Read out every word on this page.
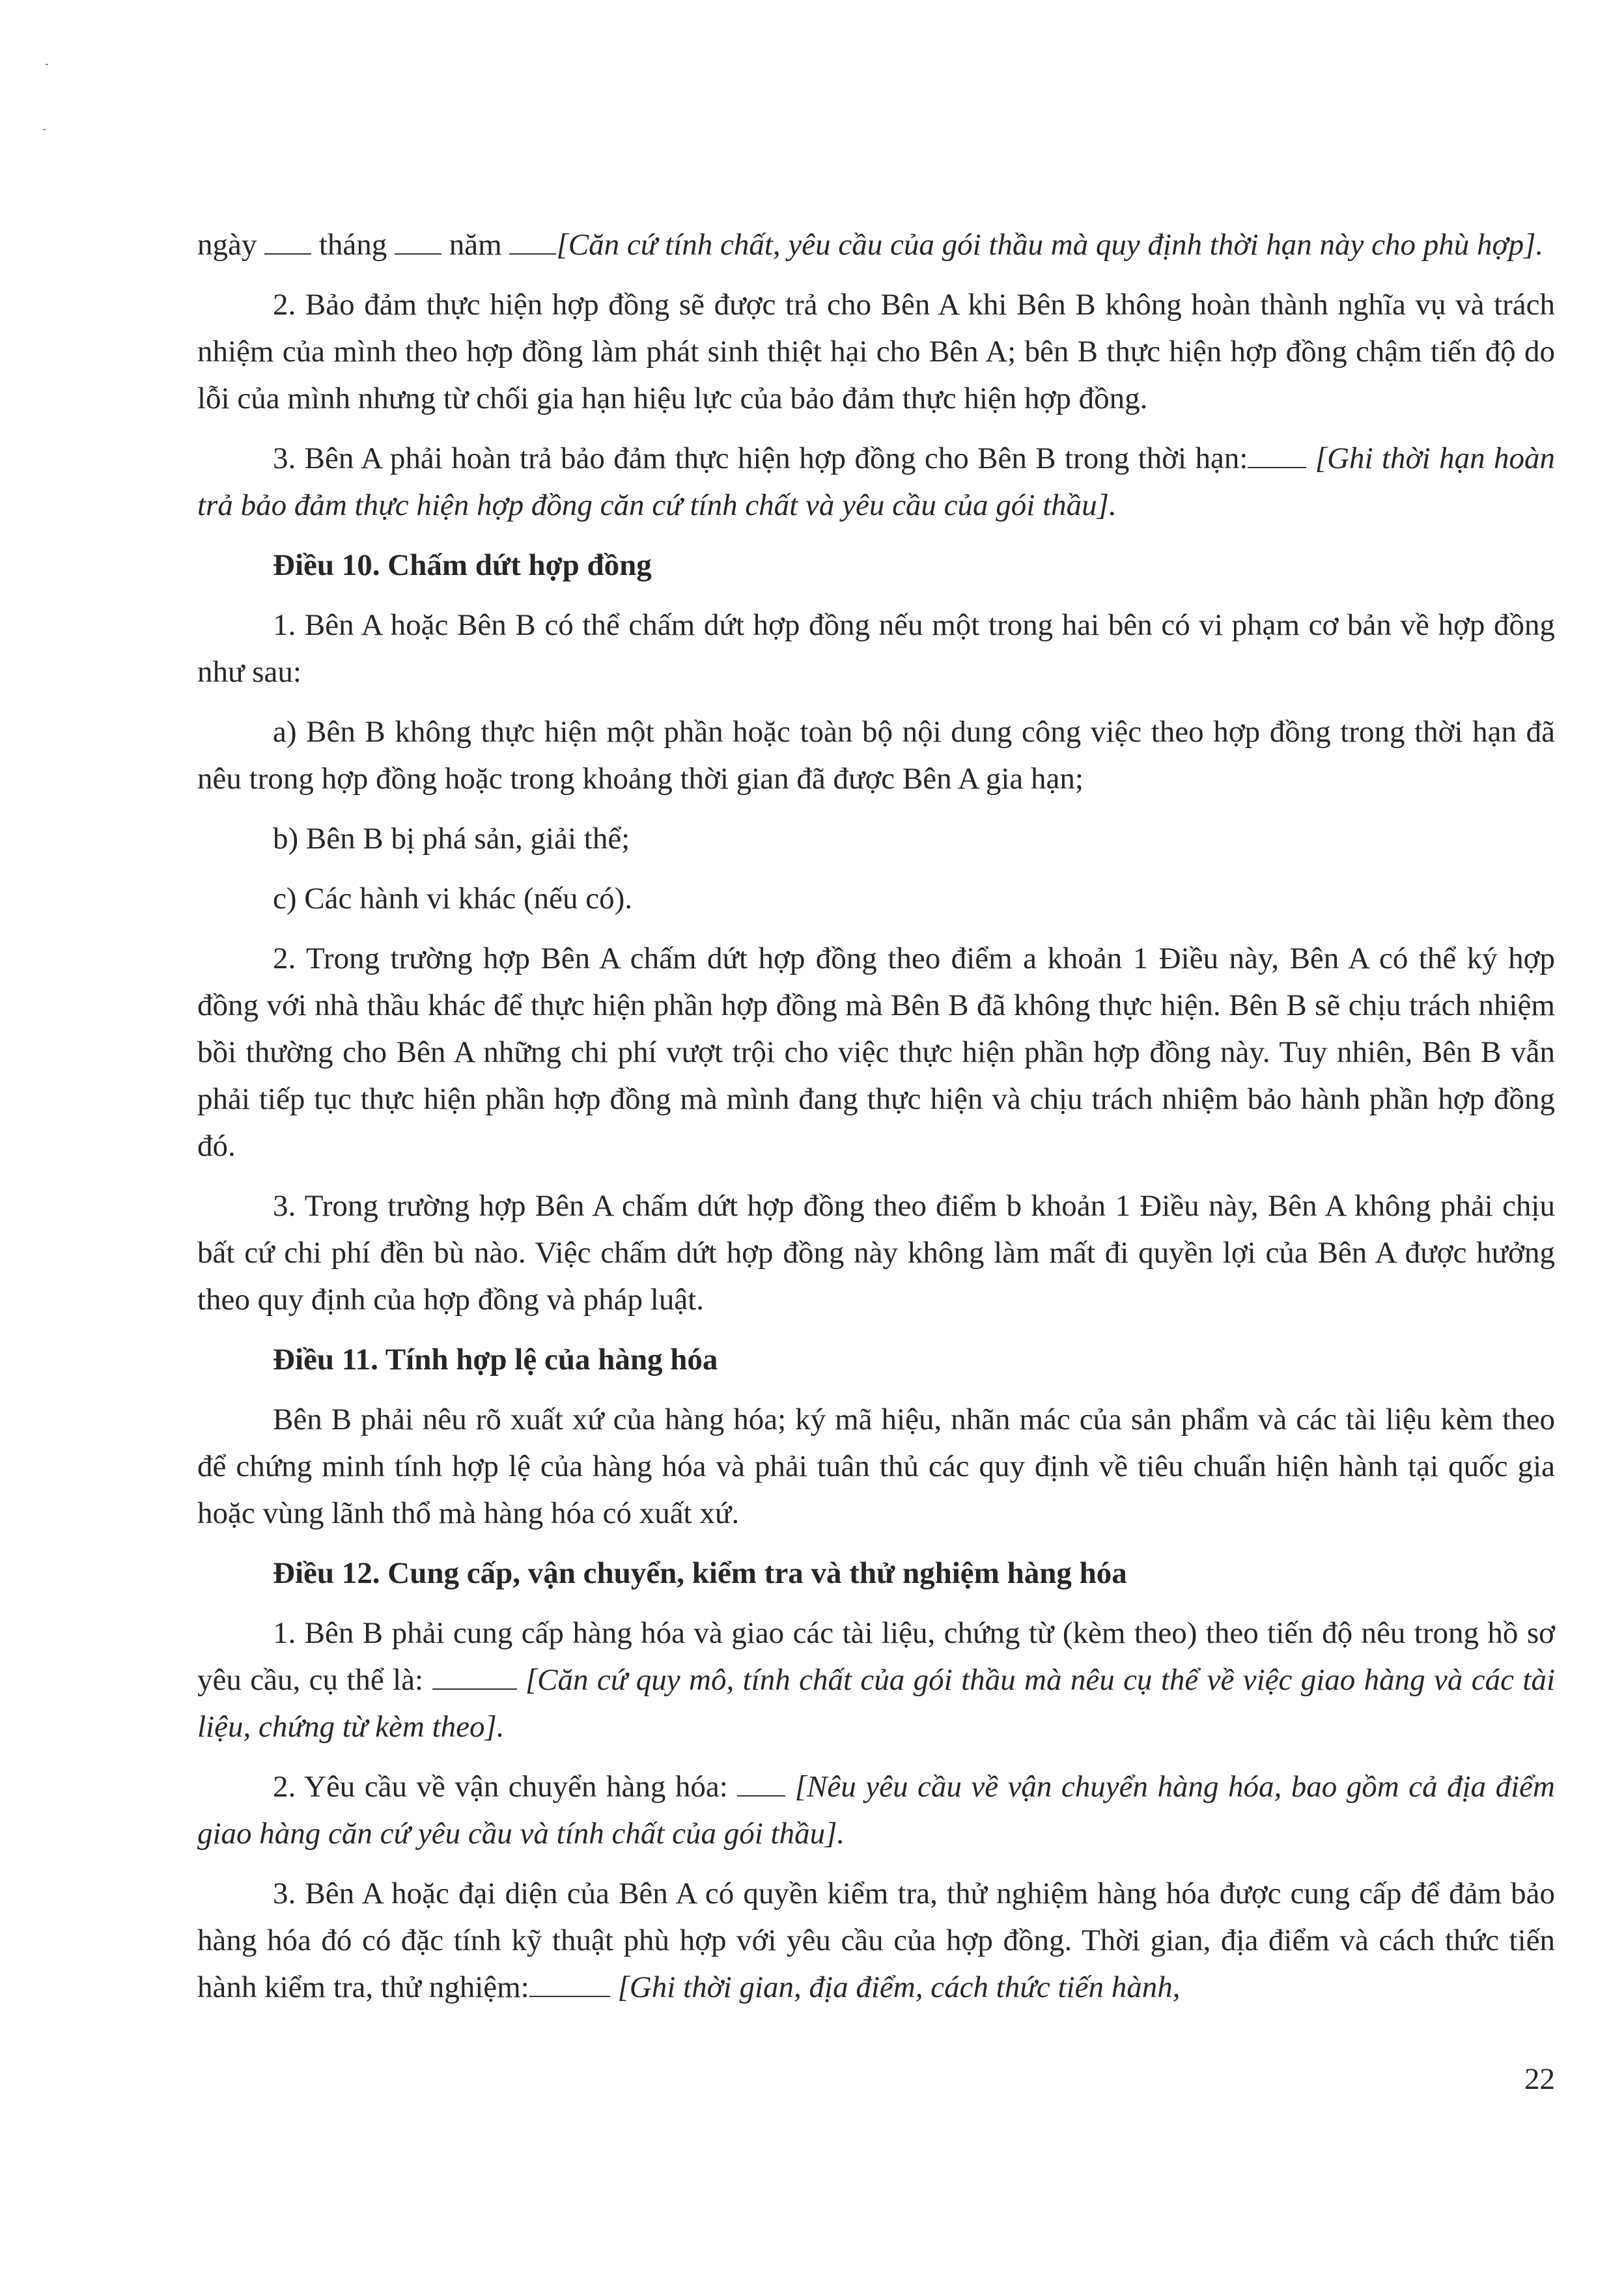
ngày tháng năm [Căn cứ tính chất, yêu cầu của gói thầu mà quy định thời hạn này cho phù hợp].

2. Bảo đảm thực hiện hợp đồng sẽ được trả cho Bên A khi Bên B không hoàn thành nghĩa vụ và trách nhiệm của mình theo hợp đồng làm phát sinh thiệt hại cho Bên A; bên B thực hiện hợp đồng chậm tiến độ do lỗi của mình nhưng từ chối gia hạn hiệu lực của bảo đảm thực hiện hợp đồng.

3. Bên A phải hoàn trả bảo đảm thực hiện hợp đồng cho Bên B trong thời hạn: [Ghi thời hạn hoàn trả bảo đảm thực hiện hợp đồng căn cứ tính chất và yêu cầu của gói thầu].

Điều 10. Chấm dứt hợp đồng

1. Bên A hoặc Bên B có thể chấm dứt hợp đồng nếu một trong hai bên có vi phạm cơ bản về hợp đồng như sau:

a) Bên B không thực hiện một phần hoặc toàn bộ nội dung công việc theo hợp đồng trong thời hạn đã nêu trong hợp đồng hoặc trong khoảng thời gian đã được Bên A gia hạn;

b) Bên B bị phá sản, giải thể;

c) Các hành vi khác (nếu có).

2. Trong trường hợp Bên A chấm dứt hợp đồng theo điểm a khoản 1 Điều này, Bên A có thể ký hợp đồng với nhà thầu khác để thực hiện phần hợp đồng mà Bên B đã không thực hiện. Bên B sẽ chịu trách nhiệm bồi thường cho Bên A những chi phí vượt trội cho việc thực hiện phần hợp đồng này. Tuy nhiên, Bên B vẫn phải tiếp tục thực hiện phần hợp đồng mà mình đang thực hiện và chịu trách nhiệm bảo hành phần hợp đồng đó.

3. Trong trường hợp Bên A chấm dứt hợp đồng theo điểm b khoản 1 Điều này, Bên A không phải chịu bất cứ chi phí đền bù nào. Việc chấm dứt hợp đồng này không làm mất đi quyền lợi của Bên A được hưởng theo quy định của hợp đồng và pháp luật.

Điều 11. Tính hợp lệ của hàng hóa

Bên B phải nêu rõ xuất xứ của hàng hóa; ký mã hiệu, nhãn mác của sản phẩm và các tài liệu kèm theo để chứng minh tính hợp lệ của hàng hóa và phải tuân thủ các quy định về tiêu chuẩn hiện hành tại quốc gia hoặc vùng lãnh thổ mà hàng hóa có xuất xứ.

Điều 12. Cung cấp, vận chuyển, kiểm tra và thử nghiệm hàng hóa

1. Bên B phải cung cấp hàng hóa và giao các tài liệu, chứng từ (kèm theo) theo tiến độ nêu trong hồ sơ yêu cầu, cụ thể là:	[Căn cứ quy mô, tính chất của gói thầu mà nêu cụ thể về việc giao hàng và các tài liệu, chứng từ kèm theo].

2. Yêu cầu về vận chuyển hàng hóa: [Nêu yêu cầu về vận chuyển hàng hóa, bao gồm cả địa điểm giao hàng căn cứ yêu cầu và tính chất của gói thầu].

3. Bên A hoặc đại diện của Bên A có quyền kiểm tra, thử nghiệm hàng hóa được cung cấp để đảm bảo hàng hóa đó có đặc tính kỹ thuật phù hợp với yêu cầu của hợp đồng. Thời gian, địa điểm và cách thức tiến hành kiểm tra, thử nghiệm:	[Ghi thời gian, địa điểm, cách thức tiến hành,

22
